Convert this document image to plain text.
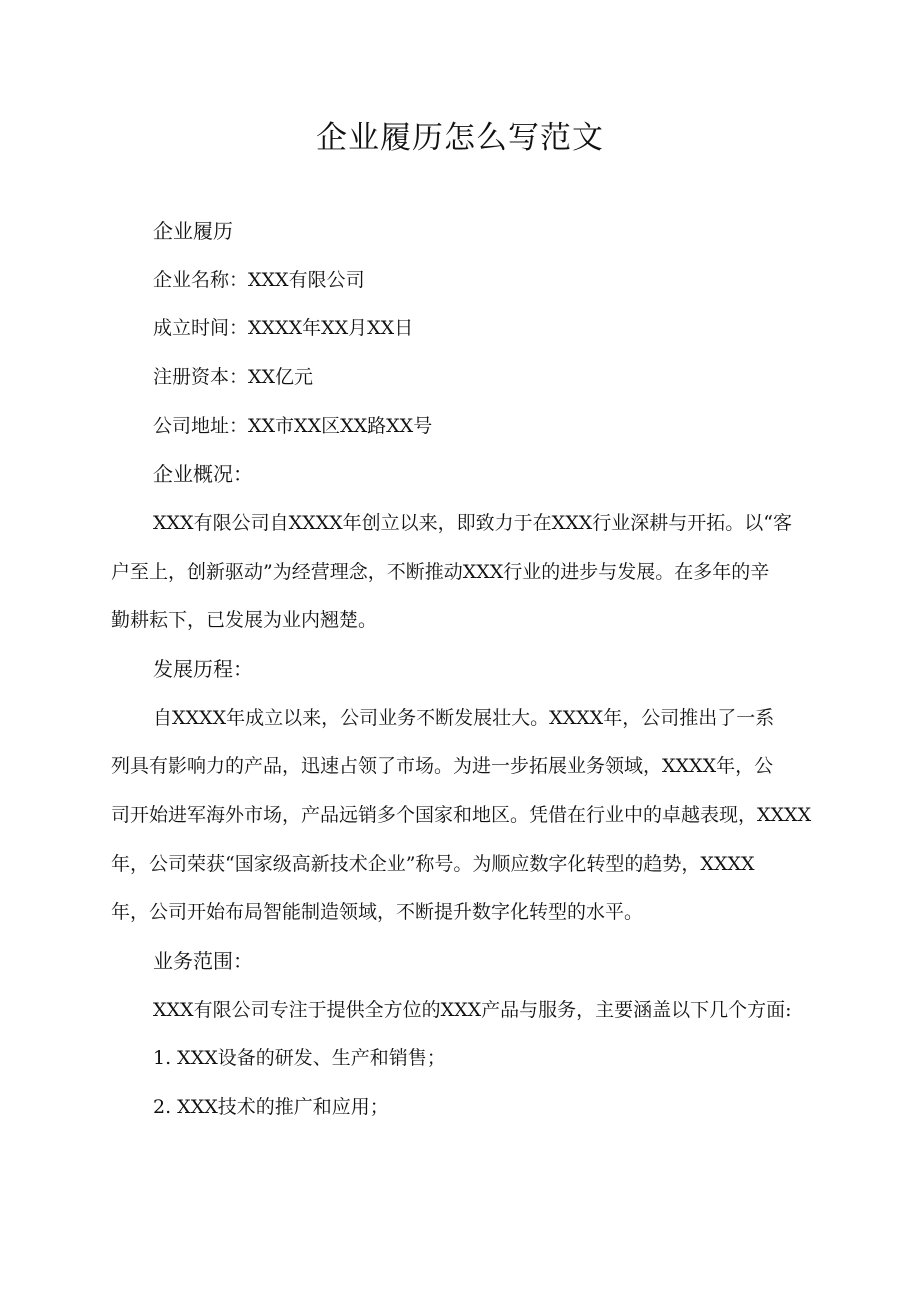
企业履历怎么写范文
企业履历
企业名称：XXX有限公司
成立时间：XXXX年XX月XX日
注册资本：XX亿元
公司地址：XX市XX区XX路XX号
企业概况：
XXX有限公司自XXXX年创立以来，即致力于在XXX行业深耕与开拓。以“客
户至上，创新驱动”为经营理念，不断推动XXX行业的进步与发展。在多年的辛
勤耕耘下，已发展为业内翘楚。
发展历程：
自XXXX年成立以来，公司业务不断发展壮大。XXXX年，公司推出了一系
列具有影响力的产品，迅速占领了市场。为进一步拓展业务领域，XXXX年，公
司开始进军海外市场，产品远销多个国家和地区。凭借在行业中的卓越表现，XXXX
年，公司荣获“国家级高新技术企业”称号。为顺应数字化转型的趋势，XXXX
年，公司开始布局智能制造领域，不断提升数字化转型的水平。
业务范围：
XXX有限公司专注于提供全方位的XXX产品与服务，主要涵盖以下几个方面:
1. XXX设备的研发、生产和销售；
2. XXX技术的推广和应用；
